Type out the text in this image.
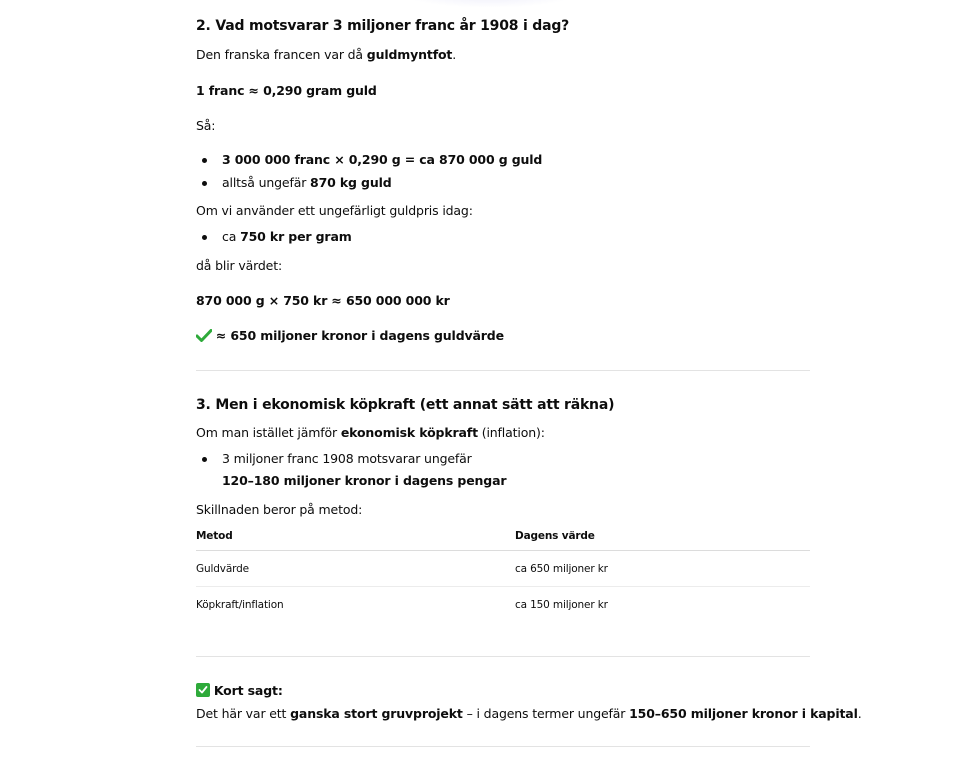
2. Vad motsvarar 3 miljoner franc år 1908 i dag?
Den franska francen var då guldmyntfot.
1 franc ≈ 0,290 gram guld
Så:
3 000 000 franc × 0,290 g = ca 870 000 g guld
alltså ungefär 870 kg guld
Om vi använder ett ungefärligt guldpris idag:
ca 750 kr per gram
då blir värdet:
870 000 g × 750 kr ≈ 650 000 000 kr
≈ 650 miljoner kronor i dagens guldvärde
3. Men i ekonomisk köpkraft (ett annat sätt att räkna)
Om man istället jämför ekonomisk köpkraft (inflation):
3 miljoner franc 1908 motsvarar ungefär
120–180 miljoner kronor i dagens pengar
Skillnaden beror på metod:
Metod	Dagens värde
Guldvärde	ca 650 miljoner kr
Köpkraft/inflation	ca 150 miljoner kr
Kort sagt:
Det här var ett ganska stort gruvprojekt – i dagens termer ungefär 150–650 miljoner kronor i kapital.
